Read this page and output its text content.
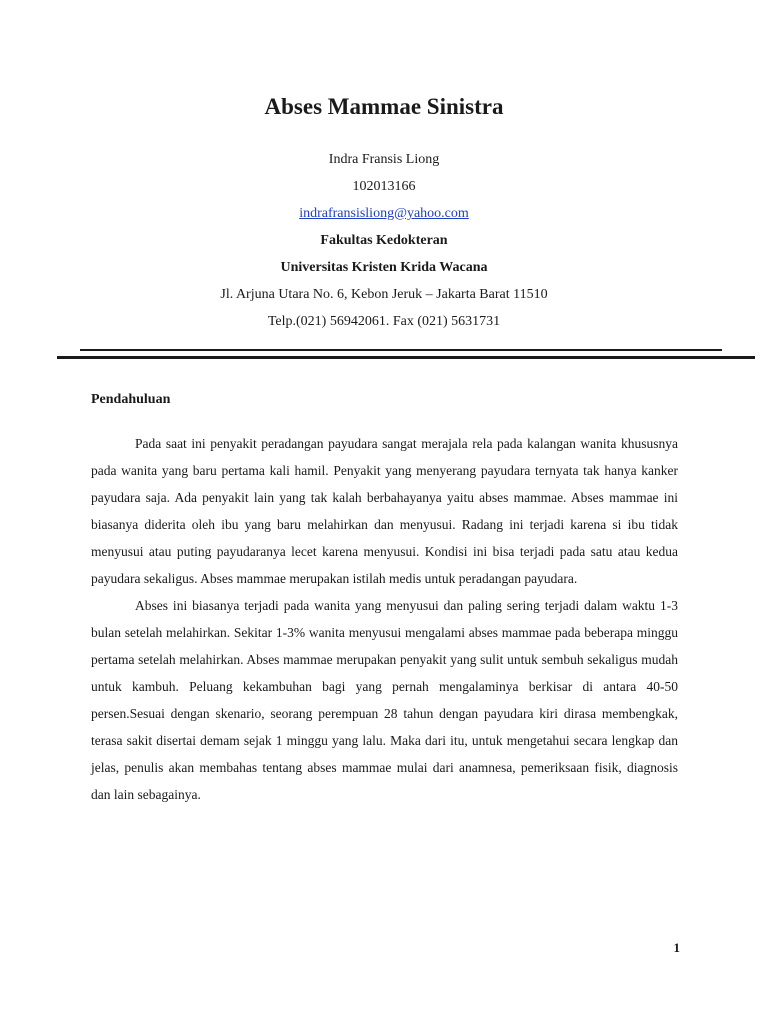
Abses Mammae Sinistra

Indra Fransis Liong

102013166

indrafransisliong@yahoo.com

Fakultas Kedokteran

Universitas Kristen Krida Wacana

Jl. Arjuna Utara No. 6, Kebon Jeruk – Jakarta Barat 11510

Telp.(021) 56942061. Fax (021) 5631731

Pendahuluan

Pada saat ini penyakit peradangan payudara sangat merajala rela pada kalangan wanita khususnya pada wanita yang baru pertama kali hamil. Penyakit yang menyerang payudara ternyata tak hanya kanker payudara saja. Ada penyakit lain yang tak kalah berbahayanya yaitu abses mammae. Abses mammae ini biasanya diderita oleh ibu yang baru melahirkan dan menyusui. Radang ini terjadi karena si ibu tidak menyusui atau puting payudaranya lecet karena menyusui. Kondisi ini bisa terjadi pada satu atau kedua payudara sekaligus. Abses mammae merupakan istilah medis untuk peradangan payudara.

Abses ini biasanya terjadi pada wanita yang menyusui dan paling sering terjadi dalam waktu 1-3 bulan setelah melahirkan. Sekitar 1-3% wanita menyusui mengalami abses mammae pada beberapa minggu pertama setelah melahirkan. Abses mammae merupakan penyakit yang sulit untuk sembuh sekaligus mudah untuk kambuh. Peluang kekambuhan bagi yang pernah mengalaminya berkisar di antara 40-50 persen.Sesuai dengan skenario, seorang perempuan 28 tahun dengan payudara kiri dirasa membengkak, terasa sakit disertai demam sejak 1 minggu yang lalu. Maka dari itu, untuk mengetahui secara lengkap dan jelas, penulis akan membahas tentang abses mammae mulai dari anamnesa, pemeriksaan fisik, diagnosis dan lain sebagainya.

1
